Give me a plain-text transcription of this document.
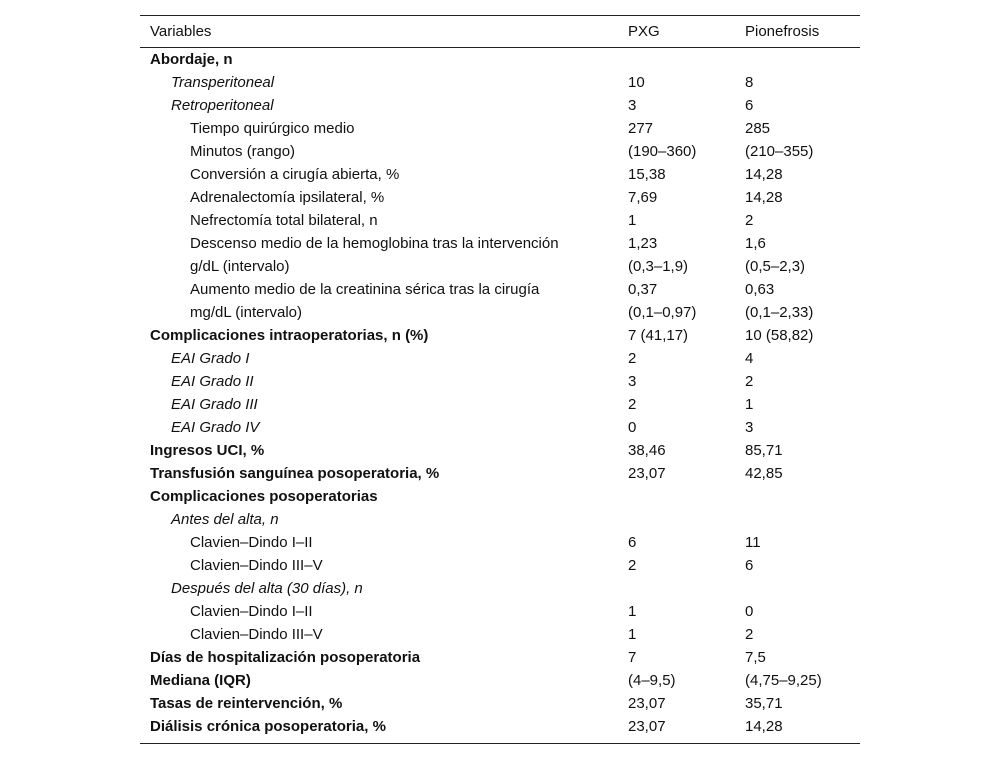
Variables	PXG	Pionefrosis
Abordaje, n
Transperitoneal	10	8
Retroperitoneal	3	6
Tiempo quirúrgico medio	277	285
Minutos (rango)	(190–360)	(210–355)
Conversión a cirugía abierta, %	15,38	14,28
Adrenalectomía ipsilateral, %	7,69	14,28
Nefrectomía total bilateral, n	1	2
Descenso medio de la hemoglobina tras la intervención	1,23	1,6
g/dL (intervalo)	(0,3–1,9)	(0,5–2,3)
Aumento medio de la creatinina sérica tras la cirugía	0,37	0,63
mg/dL (intervalo)	(0,1–0,97)	(0,1–2,33)
Complicaciones intraoperatorias, n (%)	7 (41,17)	10 (58,82)
EAI Grado I	2	4
EAI Grado II	3	2
EAI Grado III	2	1
EAI Grado IV	0	3
Ingresos UCI, %	38,46	85,71
Transfusión sanguínea posoperatoria, %	23,07	42,85
Complicaciones posoperatorias
Antes del alta, n
Clavien–Dindo I–II	6	11
Clavien–Dindo III–V	2	6
Después del alta (30 días), n
Clavien–Dindo I–II	1	0
Clavien–Dindo III–V	1	2
Días de hospitalización posoperatoria	7	7,5
Mediana (IQR)	(4–9,5)	(4,75–9,25)
Tasas de reintervención, %	23,07	35,71
Diálisis crónica posoperatoria, %	23,07	14,28
